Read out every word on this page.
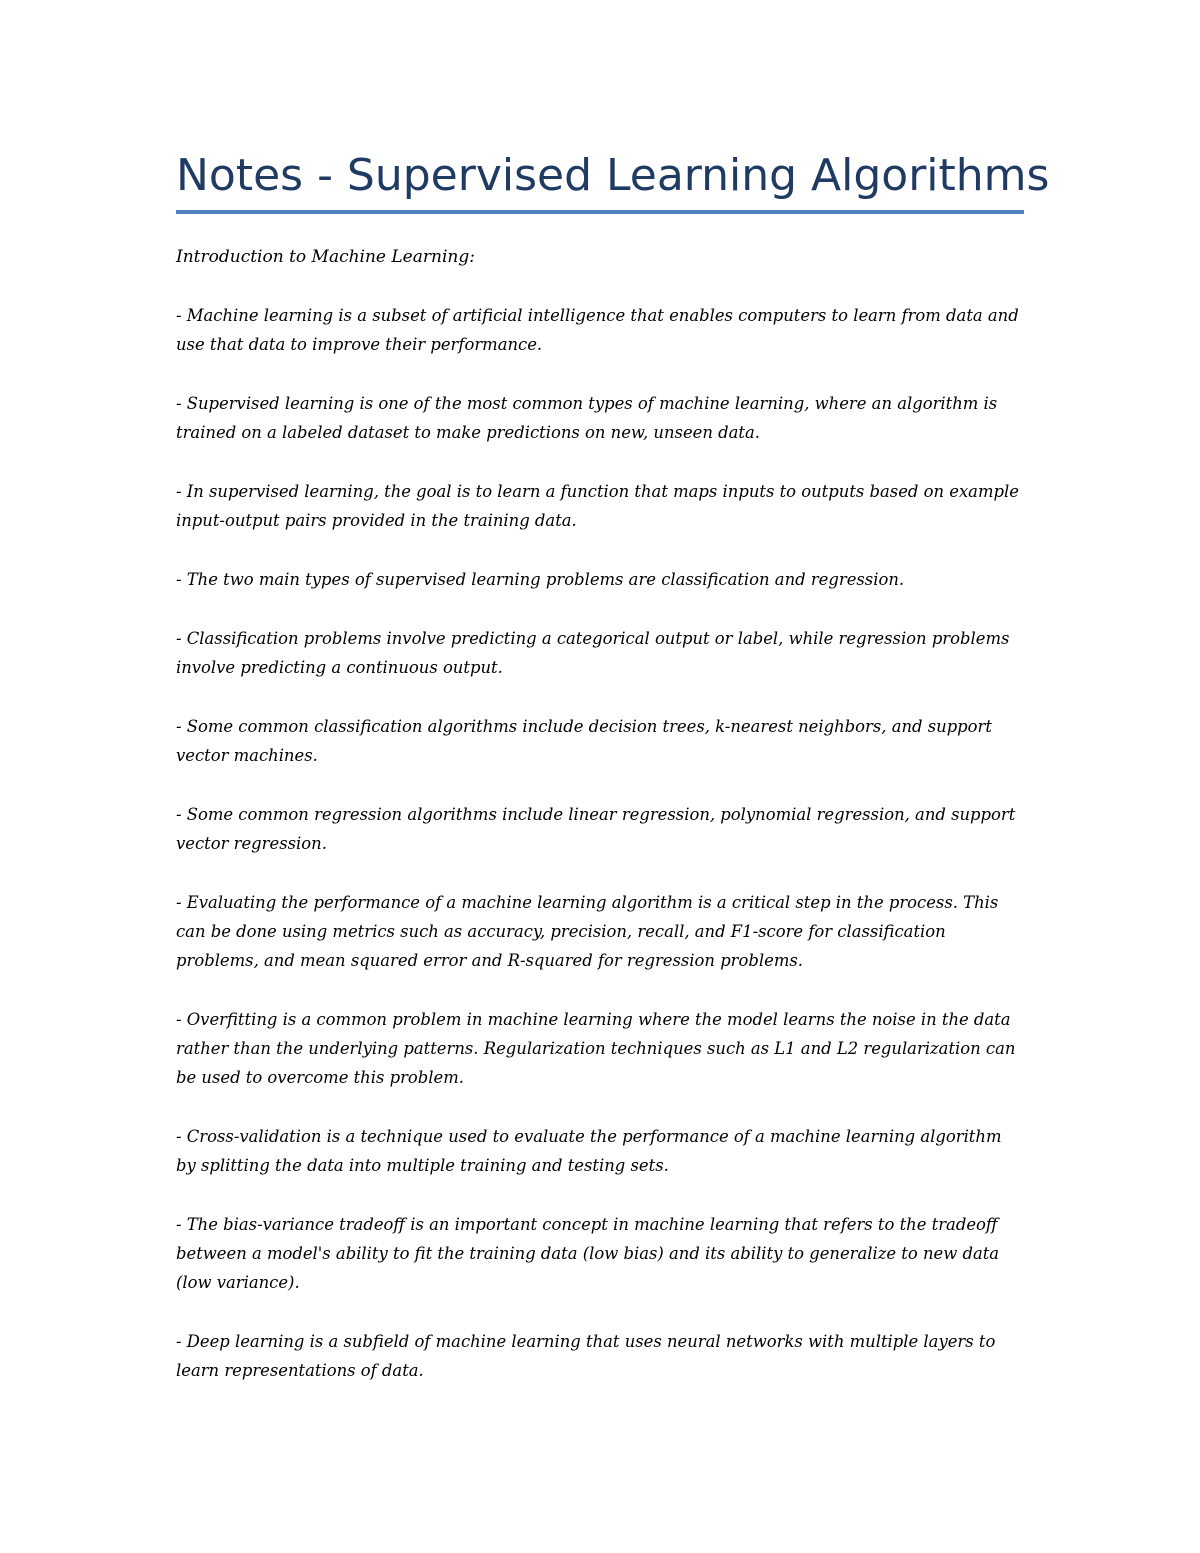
Notes - Supervised Learning Algorithms

Introduction to Machine Learning:

- Machine learning is a subset of artificial intelligence that enables computers to learn from data and use that data to improve their performance.
- Supervised learning is one of the most common types of machine learning, where an algorithm is trained on a labeled dataset to make predictions on new, unseen data.
- In supervised learning, the goal is to learn a function that maps inputs to outputs based on example input-output pairs provided in the training data.
- The two main types of supervised learning problems are classification and regression.
- Classification problems involve predicting a categorical output or label, while regression problems involve predicting a continuous output.
- Some common classification algorithms include decision trees, k-nearest neighbors, and support vector machines.
- Some common regression algorithms include linear regression, polynomial regression, and support vector regression.
- Evaluating the performance of a machine learning algorithm is a critical step in the process. This can be done using metrics such as accuracy, precision, recall, and F1-score for classification problems, and mean squared error and R-squared for regression problems.
- Overfitting is a common problem in machine learning where the model learns the noise in the data rather than the underlying patterns. Regularization techniques such as L1 and L2 regularization can be used to overcome this problem.
- Cross-validation is a technique used to evaluate the performance of a machine learning algorithm by splitting the data into multiple training and testing sets.
- The bias-variance tradeoff is an important concept in machine learning that refers to the tradeoff between a model's ability to fit the training data (low bias) and its ability to generalize to new data (low variance).
- Deep learning is a subfield of machine learning that uses neural networks with multiple layers to learn representations of data.
